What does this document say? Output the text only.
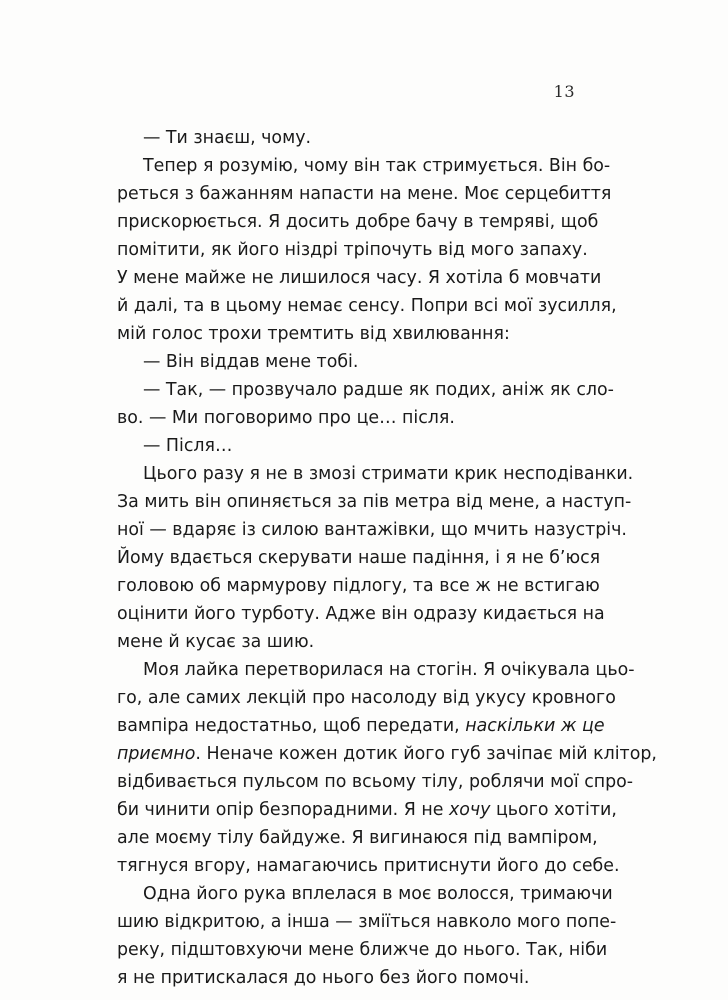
13
— Ти знаєш, чому.
Тепер я розумію, чому він так стримується. Він бо-
реться з бажанням напасти на мене. Моє серцебиття
прискорюється. Я досить добре бачу в темряві, щоб
помітити, як його ніздрі тріпочуть від мого запаху.
У мене майже не лишилося часу. Я хотіла б мовчати
й далі, та в цьому немає сенсу. Попри всі мої зусилля,
мій голос трохи тремтить від хвилювання:
— Він віддав мене тобі.
— Так, — прозвучало радше як подих, аніж як сло-
во. — Ми поговоримо про це… після.
— Після…
Цього разу я не в змозі стримати крик несподіванки.
За мить він опиняється за пів метра від мене, а наступ-
ної — вдаряє із силою вантажівки, що мчить назустріч.
Йому вдається скерувати наше падіння, і я не б’юся
головою об мармурову підлогу, та все ж не встигаю
оцінити його турботу. Адже він одразу кидається на
мене й кусає за шию.
Моя лайка перетворилася на стогін. Я очікувала цьо-
го, але самих лекцій про насолоду від укусу кровного
вампіра недостатньо, щоб передати, наскільки ж це
приємно. Неначе кожен дотик його губ зачіпає мій клітор,
відбивається пульсом по всьому тілу, роблячи мої спро-
би чинити опір безпорадними. Я не хочу цього хотіти,
але моєму тілу байдуже. Я вигинаюся під вампіром,
тягнуся вгору, намагаючись притиснути його до себе.
Одна його рука вплелася в моє волосся, тримаючи
шию відкритою, а інша — зміїться навколо мого попе-
реку, підштовхуючи мене ближче до нього. Так, ніби
я не притискалася до нього без його помочі.
